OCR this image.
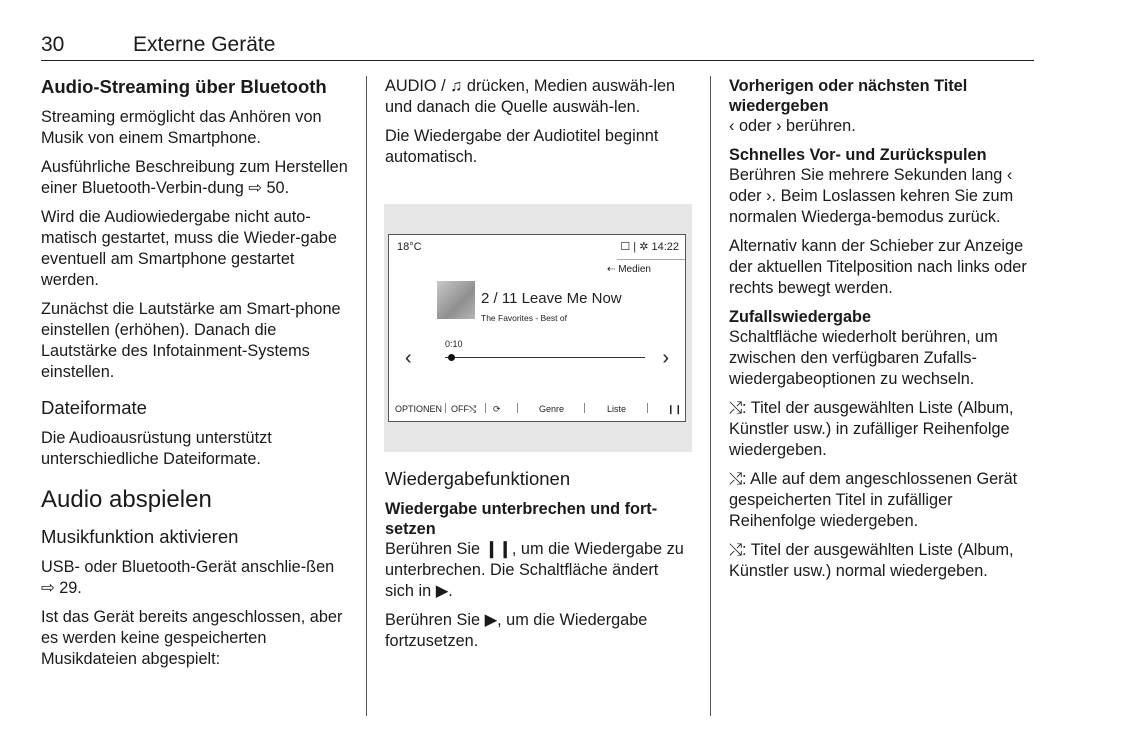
30	Externe Geräte
Audio-Streaming über Bluetooth

Streaming ermöglicht das Anhören von Musik von einem Smartphone.

Ausführliche Beschreibung zum Herstellen einer Bluetooth-Verbin-dung ⇨ 50.

Wird die Audiowiedergabe nicht auto-matisch gestartet, muss die Wieder-gabe eventuell am Smartphone gestartet werden.

Zunächst die Lautstärke am Smart-phone einstellen (erhöhen). Danach die Lautstärke des Infotainment-Systems einstellen.

Dateiformate

Die Audioausrüstung unterstützt unterschiedliche Dateiformate.

Audio abspielen
Musikfunktion aktivieren

USB- oder Bluetooth-Gerät anschlie-ßen ⇨ 29.

Ist das Gerät bereits angeschlossen, aber es werden keine gespeicherten Musikdateien abgespielt:

AUDIO / ♫ drücken, Medien auswäh-len und danach die Quelle auswäh-len.

Die Wiedergabe der Audiotitel beginnt automatisch.

18°C	☐ | ✲ 14:22
⇠ Medien
2 / 11 Leave Me Now
The Favorites - Best of
‹	›
0:10
OPTIONEN OFF⤭ ⟳	Genre	Liste	❙❙
Wiedergabefunktionen
Wiedergabe unterbrechen und fort-setzen

Berühren Sie ❙❙, um die Wiedergabe zu unterbrechen. Die Schaltfläche ändert sich in ▶.

Berühren Sie ▶, um die Wiedergabe fortzusetzen.

Vorherigen oder nächsten Titel wiedergeben

‹ oder › berühren.

Schnelles Vor- und Zurückspulen

Berühren Sie mehrere Sekunden lang ‹ oder ›. Beim Loslassen kehren Sie zum normalen Wiederga-bemodus zurück.

Alternativ kann der Schieber zur Anzeige der aktuellen Titelposition nach links oder rechts bewegt werden.

Zufallswiedergabe

Schaltfläche wiederholt berühren, um zwischen den verfügbaren Zufalls-wiedergabeoptionen zu wechseln.

⤭: Titel der ausgewählten Liste (Album, Künstler usw.) in zufälliger Reihenfolge wiedergeben.

⤭: Alle auf dem angeschlossenen Gerät gespeicherten Titel in zufälliger Reihenfolge wiedergeben.

⤭: Titel der ausgewählten Liste (Album, Künstler usw.) normal wiedergeben.
